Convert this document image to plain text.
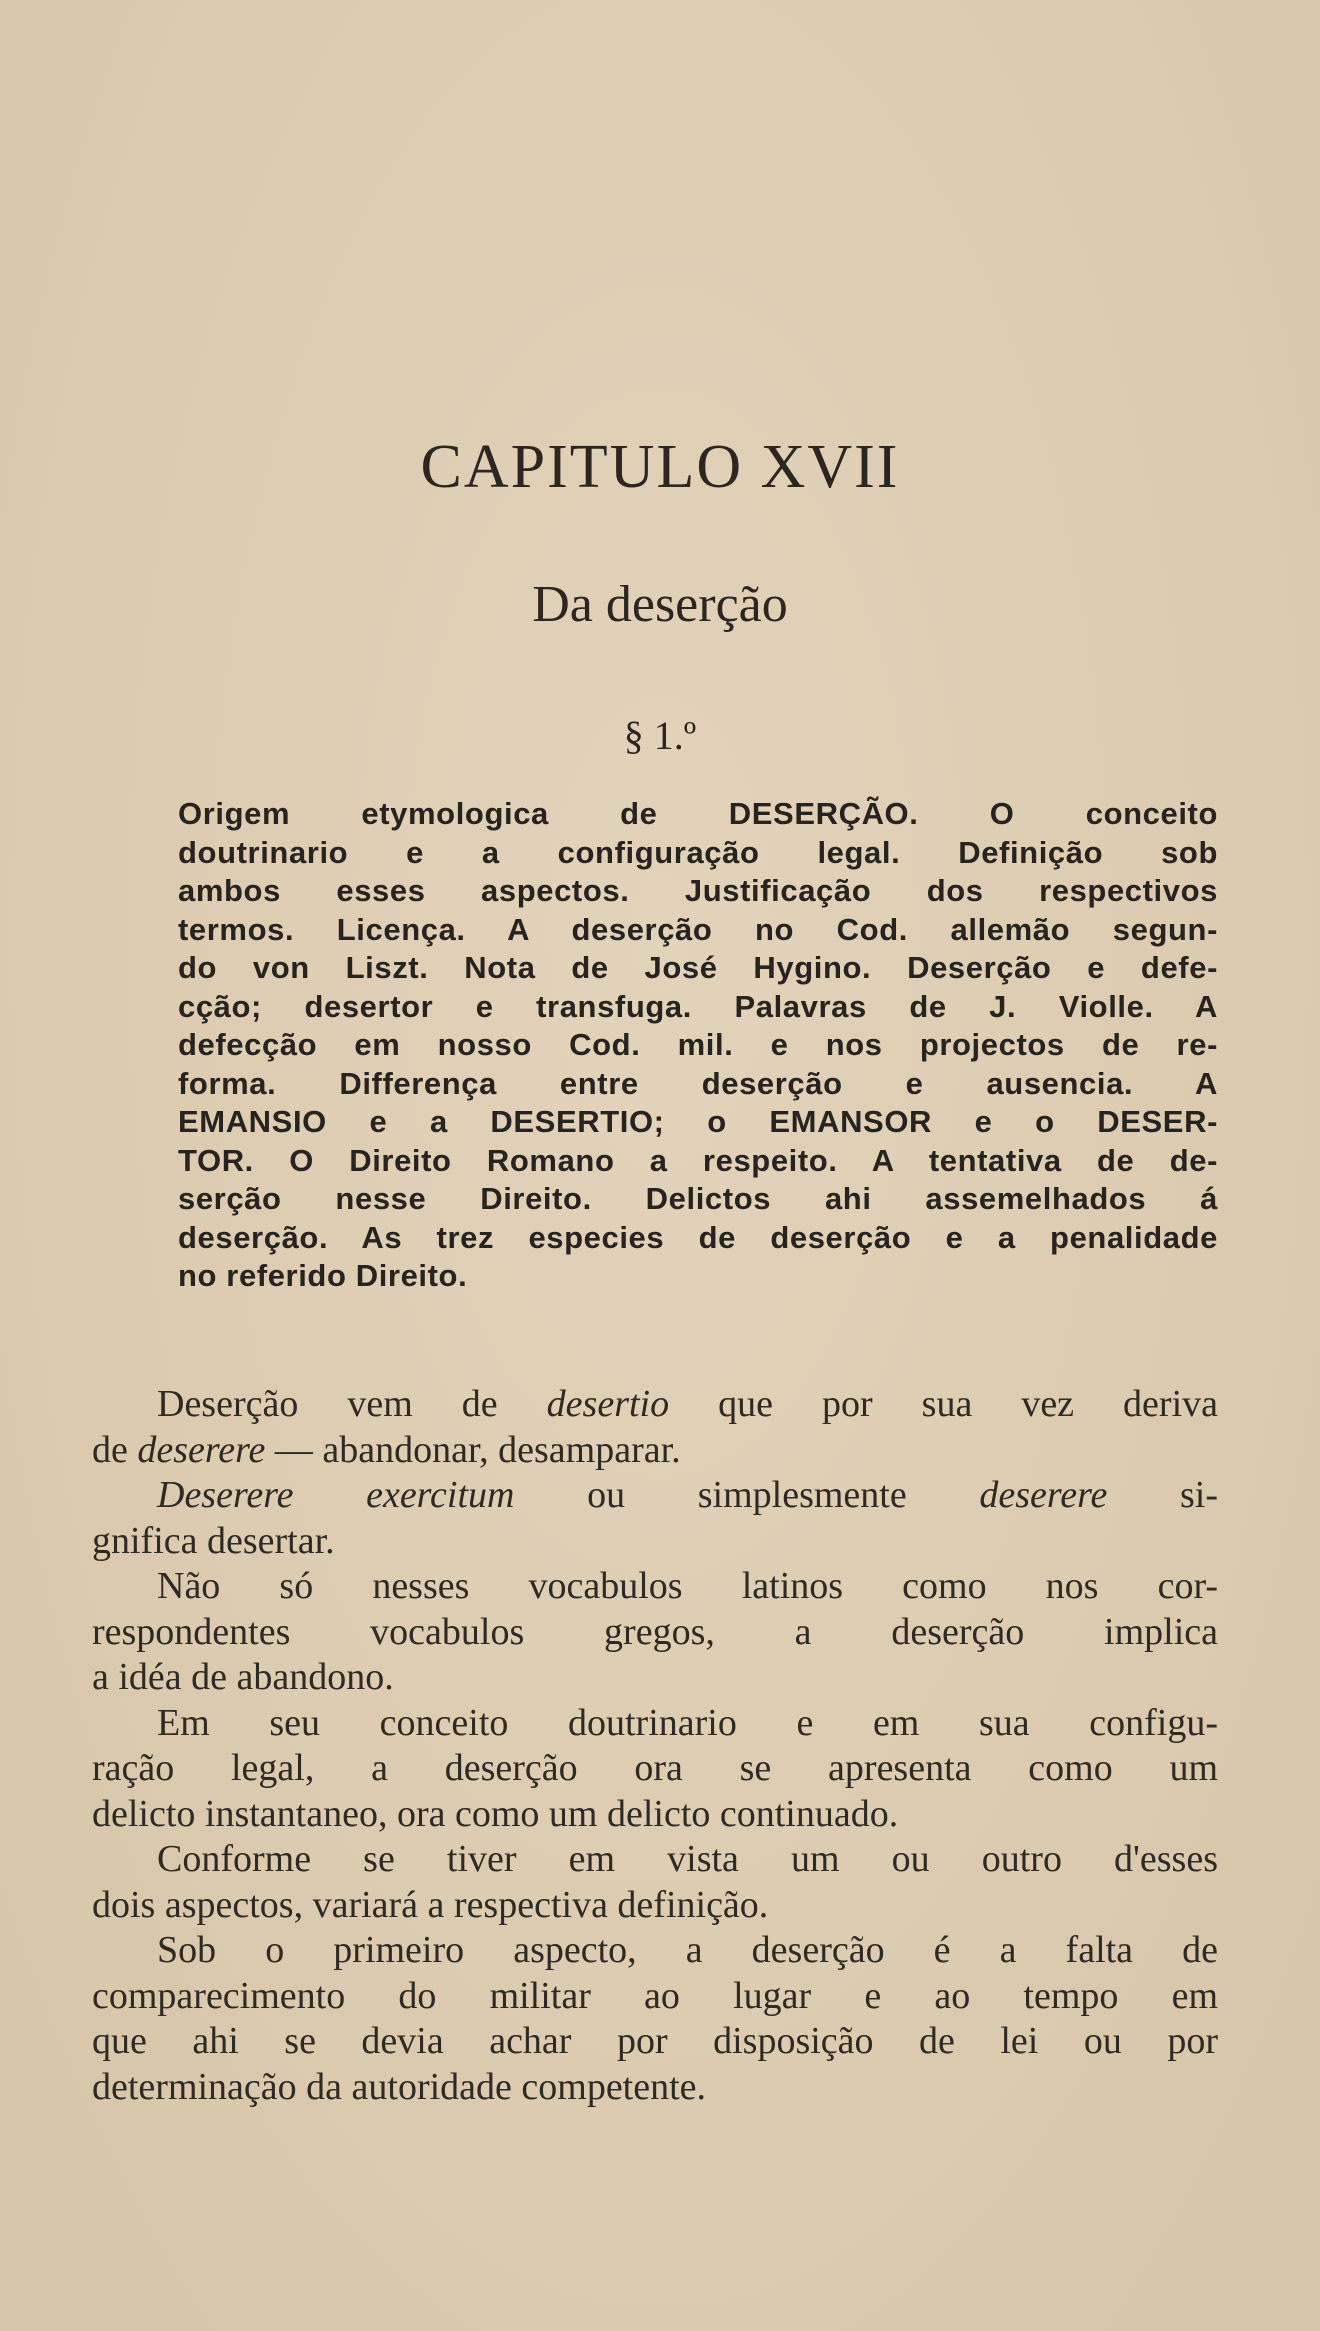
CAPITULO XVII
Da deserção
§ 1.º
Origem etymologica de DESERÇÃO. O conceito
doutrinario e a configuração legal. Definição sob
ambos esses aspectos. Justificação dos respectivos
termos. Licença. A deserção no Cod. allemão segun-
do von Liszt. Nota de José Hygino. Deserção e defe-
cção; desertor e transfuga. Palavras de J. Violle. A
defecção em nosso Cod. mil. e nos projectos de re-
forma. Differença entre deserção e ausencia. A
EMANSIO e a DESERTIO; o EMANSOR e o DESER-
TOR. O Direito Romano a respeito. A tentativa de de-
serção nesse Direito. Delictos ahi assemelhados á
deserção. As trez especies de deserção e a penalidade
no referido Direito.
Deserção vem de desertio que por sua vez deriva
de deserere — abandonar, desamparar.
Deserere exercitum ou simplesmente deserere si-
gnifica desertar.
Não só nesses vocabulos latinos como nos cor-
respondentes vocabulos gregos, a deserção implica
a idéa de abandono.
Em seu conceito doutrinario e em sua configu-
ração legal, a deserção ora se apresenta como um
delicto instantaneo, ora como um delicto continuado.
Conforme se tiver em vista um ou outro d'esses
dois aspectos, variará a respectiva definição.
Sob o primeiro aspecto, a deserção é a falta de
comparecimento do militar ao lugar e ao tempo em
que ahi se devia achar por disposição de lei ou por
determinação da autoridade competente.
